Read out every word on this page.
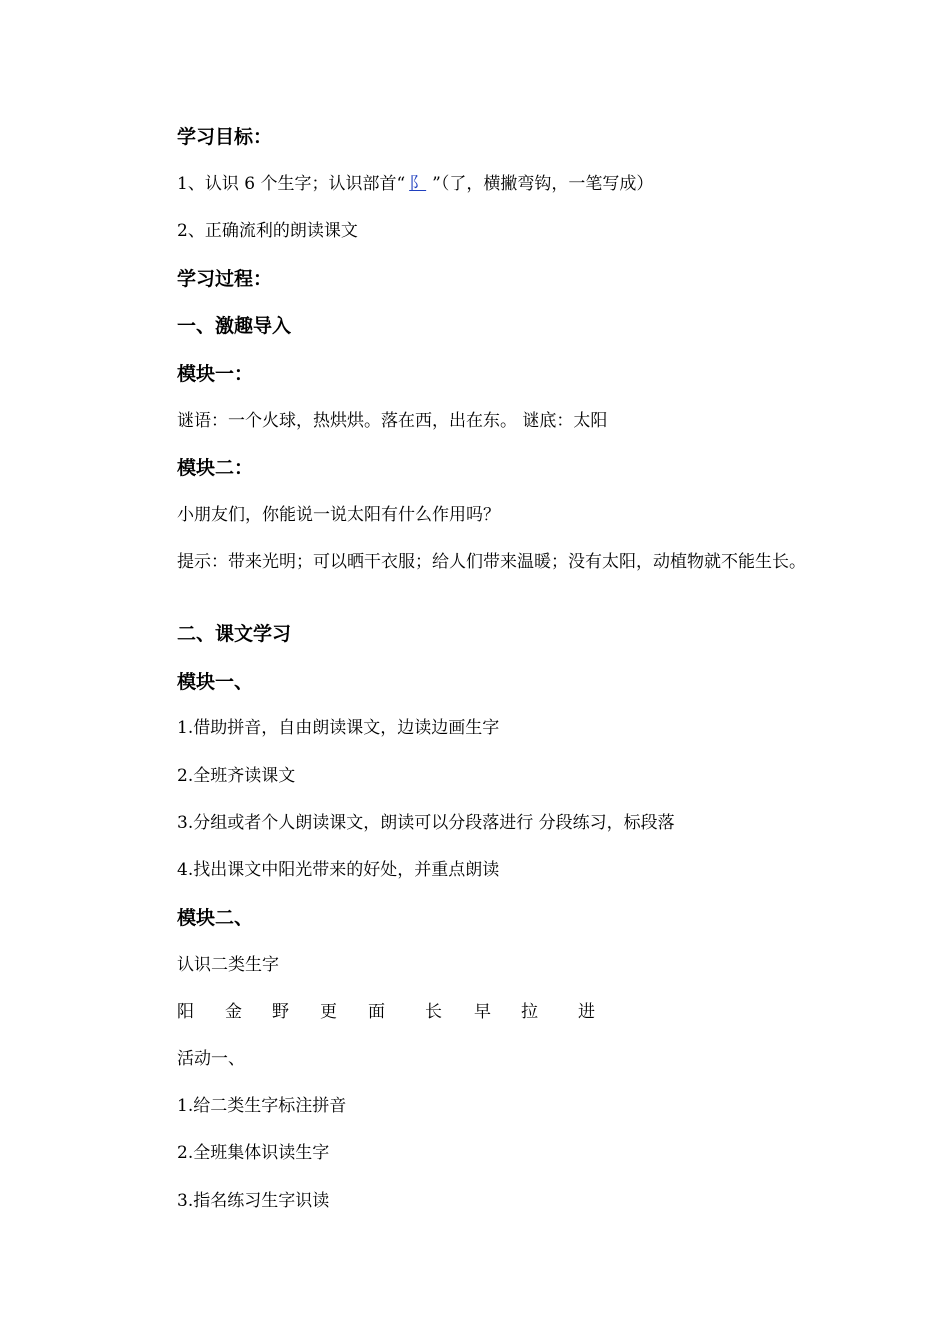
学习目标：
1、认识 6 个生字；认识部首“ 阝 ”（了，横撇弯钩，一笔写成）
2、正确流利的朗读课文
学习过程：
一、激趣导入
模块一：
谜语：一个火球，热烘烘。落在西，出在东。 谜底：太阳
模块二：
小朋友们，你能说一说太阳有什么作用吗？
提示：带来光明；可以晒干衣服；给人们带来温暖；没有太阳，动植物就不能生长。
二、课文学习
模块一、
1.借助拼音，自由朗读课文，边读边画生字
2.全班齐读课文
3.分组或者个人朗读课文，朗读可以分段落进行 分段练习，标段落
4.找出课文中阳光带来的好处，并重点朗读
模块二、
认识二类生字
阳 金 野 更 面 长 早 拉 进
活动一、
1.给二类生字标注拼音
2.全班集体识读生字
3.指名练习生字识读
